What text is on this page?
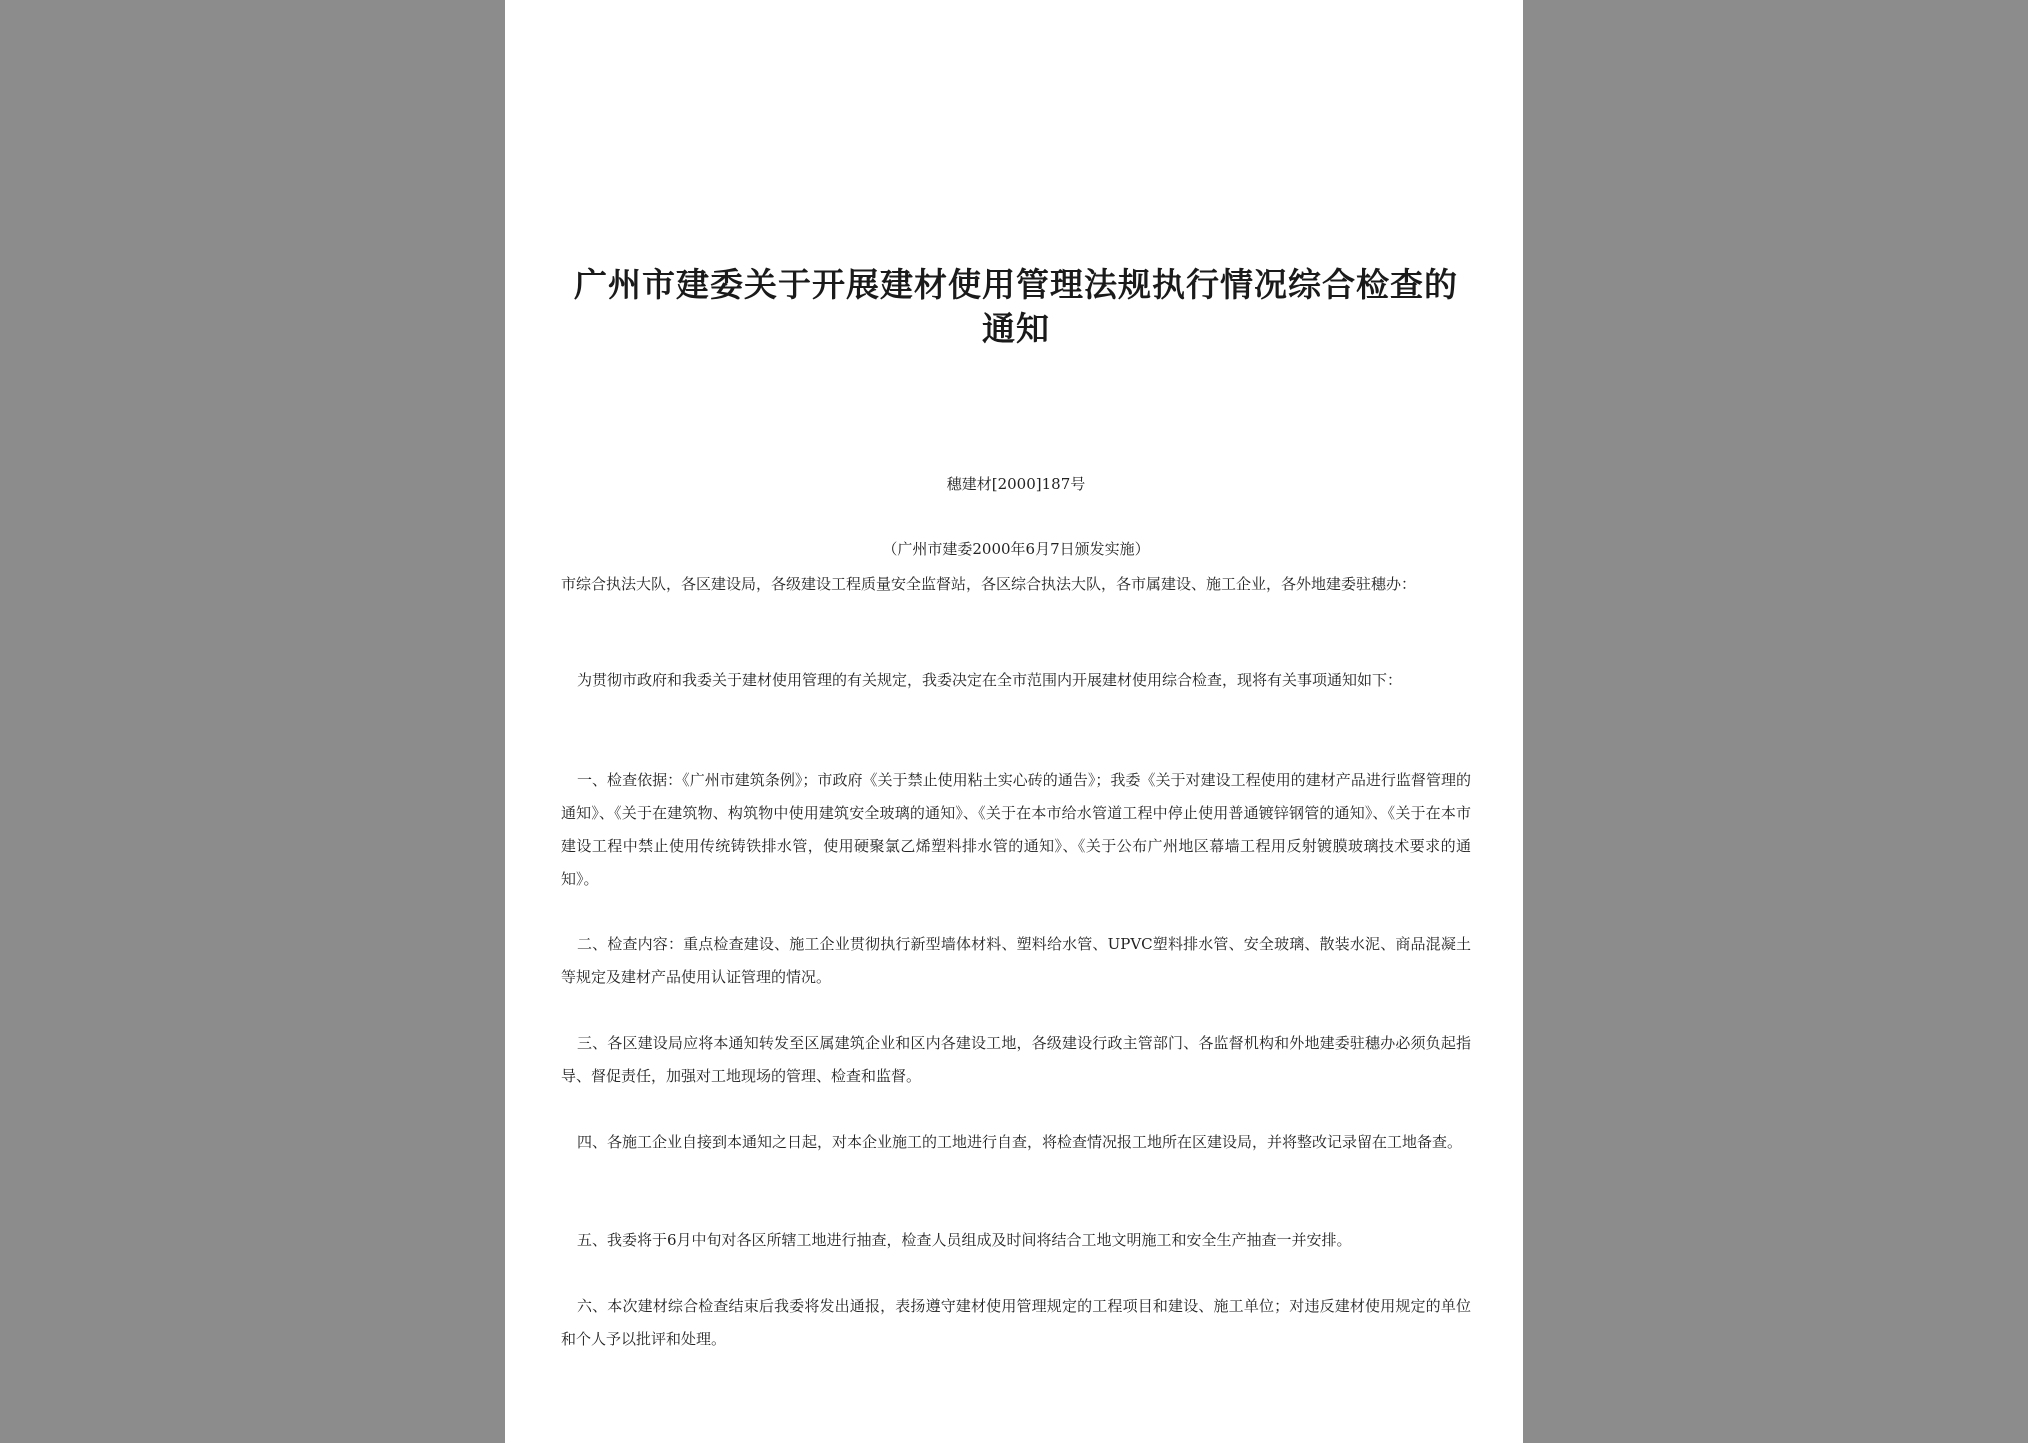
广州市建委关于开展建材使用管理法规执行情况综合检查的通知
穗建材[2000]187号
（广州市建委2000年6月7日颁发实施）

市综合执法大队，各区建设局，各级建设工程质量安全监督站，各区综合执法大队，各市属建设、施工企业，各外地建委驻穗办：

为贯彻市政府和我委关于建材使用管理的有关规定，我委决定在全市范围内开展建材使用综合检查，现将有关事项通知如下：

一、检查依据：《广州市建筑条例》；市政府《关于禁止使用粘土实心砖的通告》；我委《关于对建设工程使用的建材产品进行监督管理的通知》、《关于在建筑物、构筑物中使用建筑安全玻璃的通知》、《关于在本市给水管道工程中停止使用普通镀锌钢管的通知》、《关于在本市建设工程中禁止使用传统铸铁排水管，使用硬聚氯乙烯塑料排水管的通知》、《关于公布广州地区幕墙工程用反射镀膜玻璃技术要求的通知》。

二、检查内容：重点检查建设、施工企业贯彻执行新型墙体材料、塑料给水管、UPVC塑料排水管、安全玻璃、散装水泥、商品混凝土等规定及建材产品使用认证管理的情况。

三、各区建设局应将本通知转发至区属建筑企业和区内各建设工地，各级建设行政主管部门、各监督机构和外地建委驻穗办必须负起指导、督促责任，加强对工地现场的管理、检查和监督。

四、各施工企业自接到本通知之日起，对本企业施工的工地进行自查，将检查情况报工地所在区建设局，并将整改记录留在工地备查。

五、我委将于6月中旬对各区所辖工地进行抽查，检查人员组成及时间将结合工地文明施工和安全生产抽查一并安排。

六、本次建材综合检查结束后我委将发出通报，表扬遵守建材使用管理规定的工程项目和建设、施工单位；对违反建材使用规定的单位和个人予以批评和处理。
